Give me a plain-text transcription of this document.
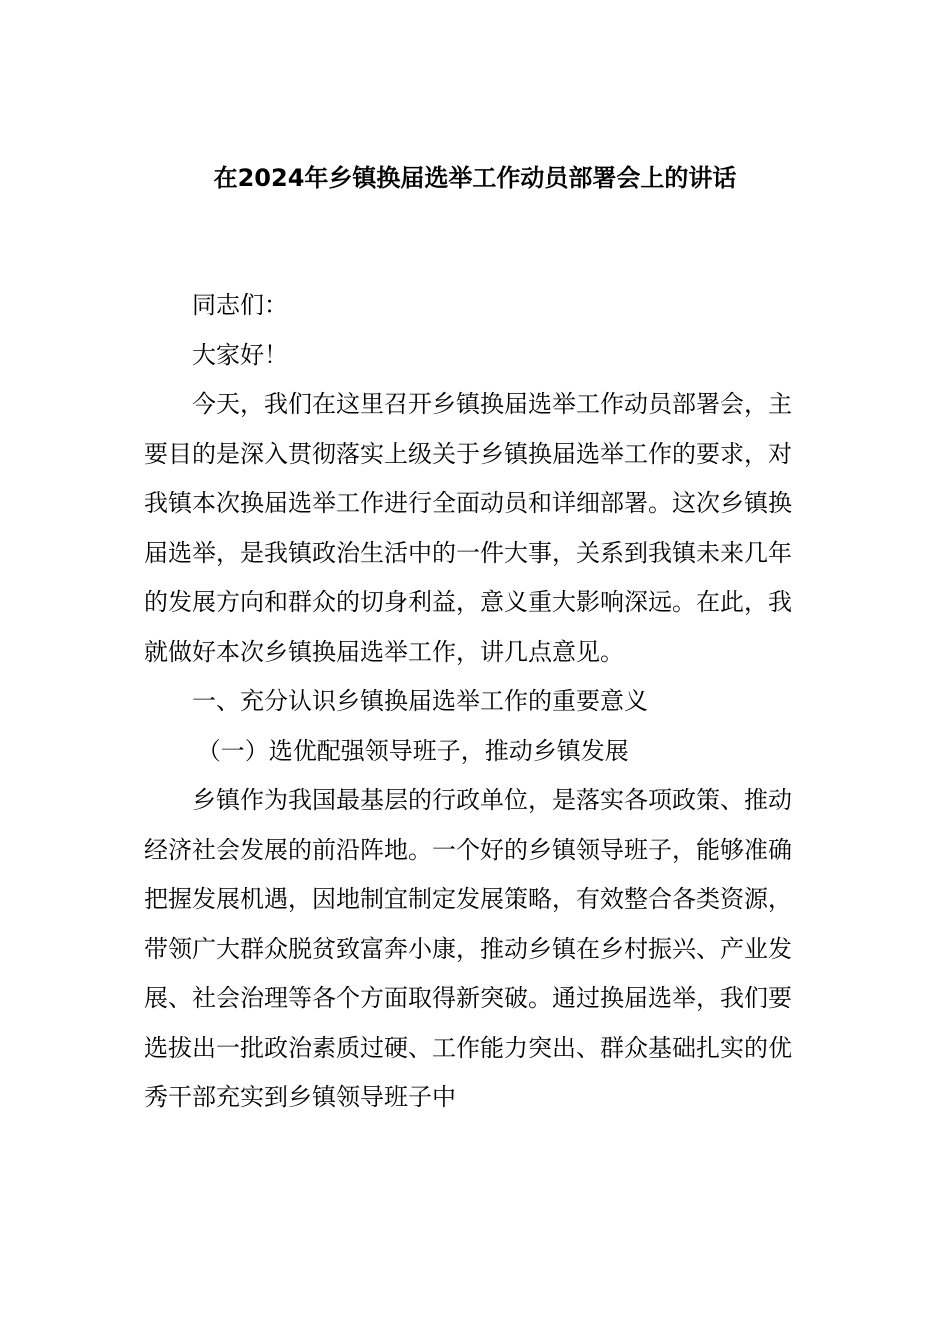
在2024年乡镇换届选举工作动员部署会上的讲话

同志们：

大家好！

今天，我们在这里召开乡镇换届选举工作动员部署会，主要目的是深入贯彻落实上级关于乡镇换届选举工作的要求，对我镇本次换届选举工作进行全面动员和详细部署。这次乡镇换届选举，是我镇政治生活中的一件大事，关系到我镇未来几年的发展方向和群众的切身利益，意义重大影响深远。在此，我就做好本次乡镇换届选举工作，讲几点意见。

一、充分认识乡镇换届选举工作的重要意义

（一）选优配强领导班子，推动乡镇发展

乡镇作为我国最基层的行政单位，是落实各项政策、推动经济社会发展的前沿阵地。一个好的乡镇领导班子，能够准确把握发展机遇，因地制宜制定发展策略，有效整合各类资源，带领广大群众脱贫致富奔小康，推动乡镇在乡村振兴、产业发展、社会治理等各个方面取得新突破。通过换届选举，我们要选拔出一批政治素质过硬、工作能力突出、群众基础扎实的优秀干部充实到乡镇领导班子中
